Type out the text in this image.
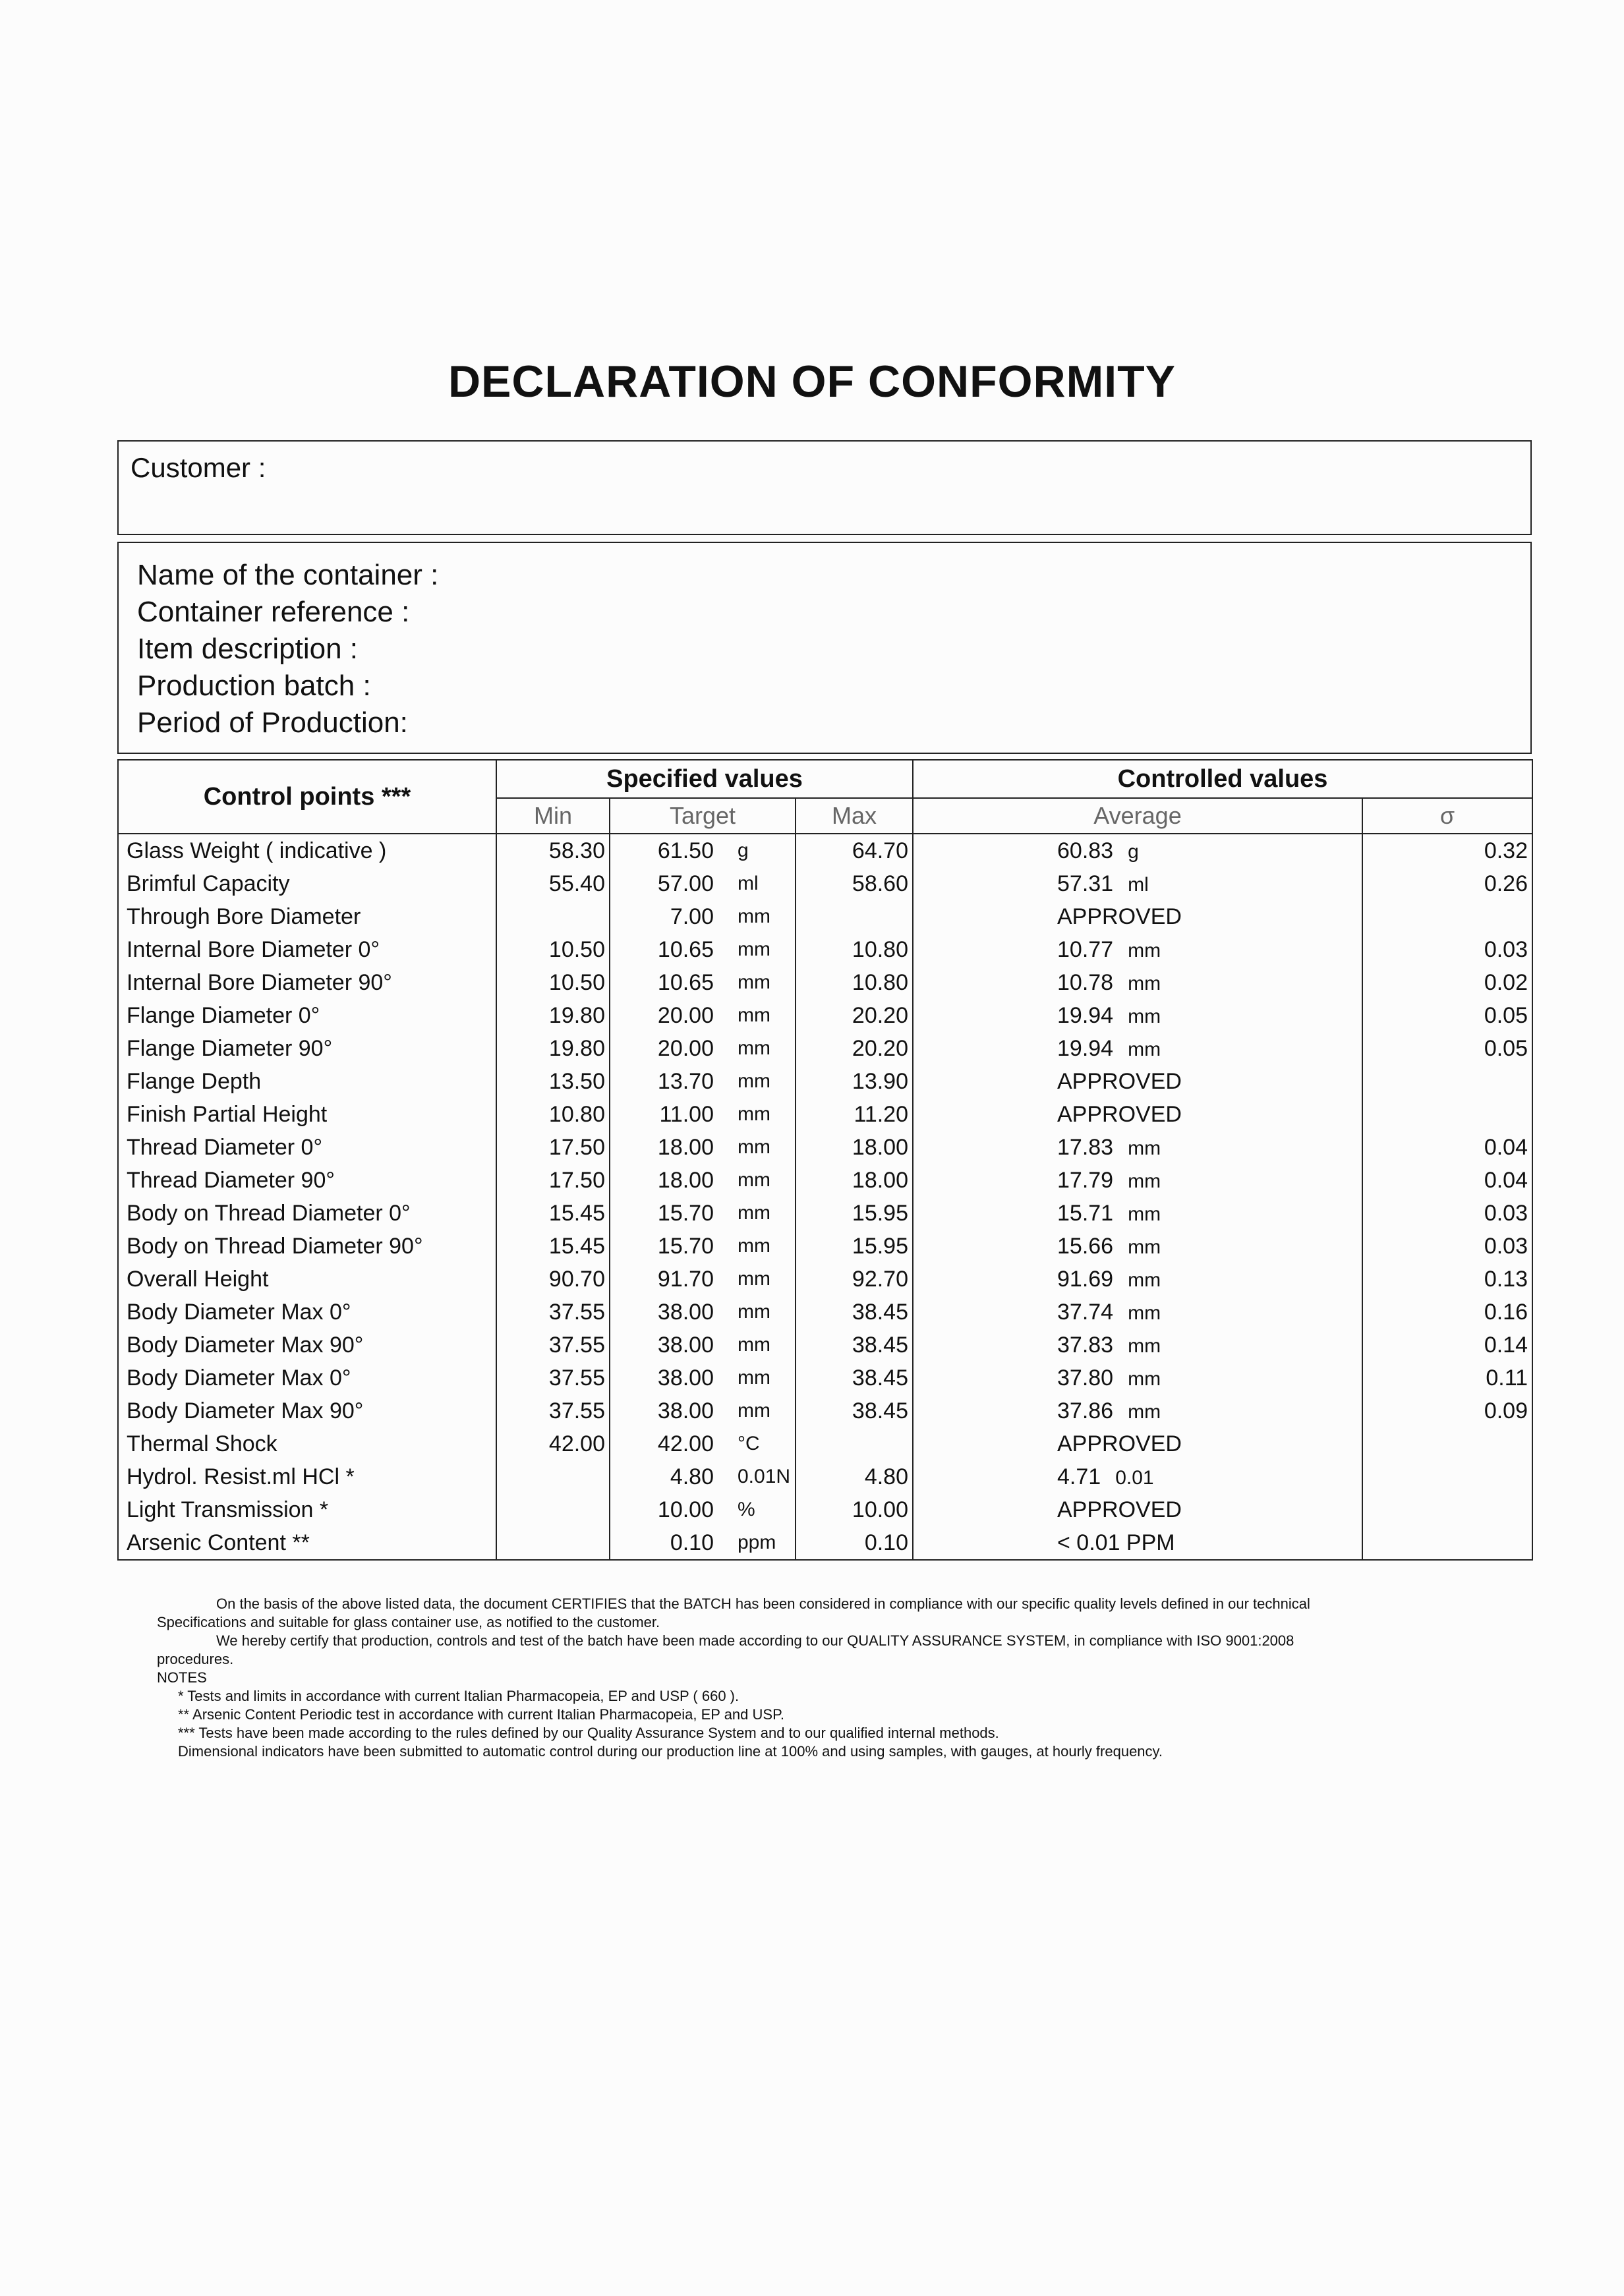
DECLARATION OF CONFORMITY
Customer :
Name of the container :
Container reference :
Item description :
Production batch :
Period of Production:
Control points ***	Specified values				Controlled values	
	Min	Target		Max	Average	σ
Glass Weight ( indicative )	58.30	61.50	g	64.70	60.83 g	0.32
Brimful Capacity	55.40	57.00	ml	58.60	57.31 ml	0.26
Through Bore Diameter		7.00	mm		APPROVED	
Internal Bore Diameter 0°	10.50	10.65	mm	10.80	10.77 mm	0.03
Internal Bore Diameter 90°	10.50	10.65	mm	10.80	10.78 mm	0.02
Flange Diameter 0°	19.80	20.00	mm	20.20	19.94 mm	0.05
Flange Diameter 90°	19.80	20.00	mm	20.20	19.94 mm	0.05
Flange Depth	13.50	13.70	mm	13.90	APPROVED	
Finish Partial Height	10.80	11.00	mm	11.20	APPROVED	
Thread Diameter 0°	17.50	18.00	mm	18.00	17.83 mm	0.04
Thread Diameter 90°	17.50	18.00	mm	18.00	17.79 mm	0.04
Body on Thread Diameter 0°	15.45	15.70	mm	15.95	15.71 mm	0.03
Body on Thread Diameter 90°	15.45	15.70	mm	15.95	15.66 mm	0.03
Overall Height	90.70	91.70	mm	92.70	91.69 mm	0.13
Body Diameter Max 0°	37.55	38.00	mm	38.45	37.74 mm	0.16
Body Diameter Max 90°	37.55	38.00	mm	38.45	37.83 mm	0.14
Body Diameter Max 0°	37.55	38.00	mm	38.45	37.80 mm	0.11
Body Diameter Max 90°	37.55	38.00	mm	38.45	37.86 mm	0.09
Thermal Shock	42.00	42.00	°C		APPROVED	
Hydrol. Resist.ml HCl *		4.80	0.01N	4.80	4.71 0.01	
Light Transmission *		10.00	%	10.00	APPROVED	
Arsenic Content **		0.10	ppm	0.10	< 0.01 PPM	

On the basis of the above listed data, the document CERTIFIES that the BATCH has been considered in compliance with our specific quality levels defined in our technical

Specifications and suitable for glass container use, as notified to the customer.

We hereby certify that production, controls and test of the batch have been made according to our QUALITY ASSURANCE SYSTEM, in compliance with ISO 9001:2008

procedures.

NOTES

* Tests and limits in accordance with current Italian Pharmacopeia, EP and USP ( 660 ).

** Arsenic Content Periodic test in accordance with current Italian Pharmacopeia, EP and USP.

*** Tests have been made according to the rules defined by our Quality Assurance System and to our qualified internal methods.

Dimensional indicators have been submitted to automatic control during our production line at 100% and using samples, with gauges, at hourly frequency.
